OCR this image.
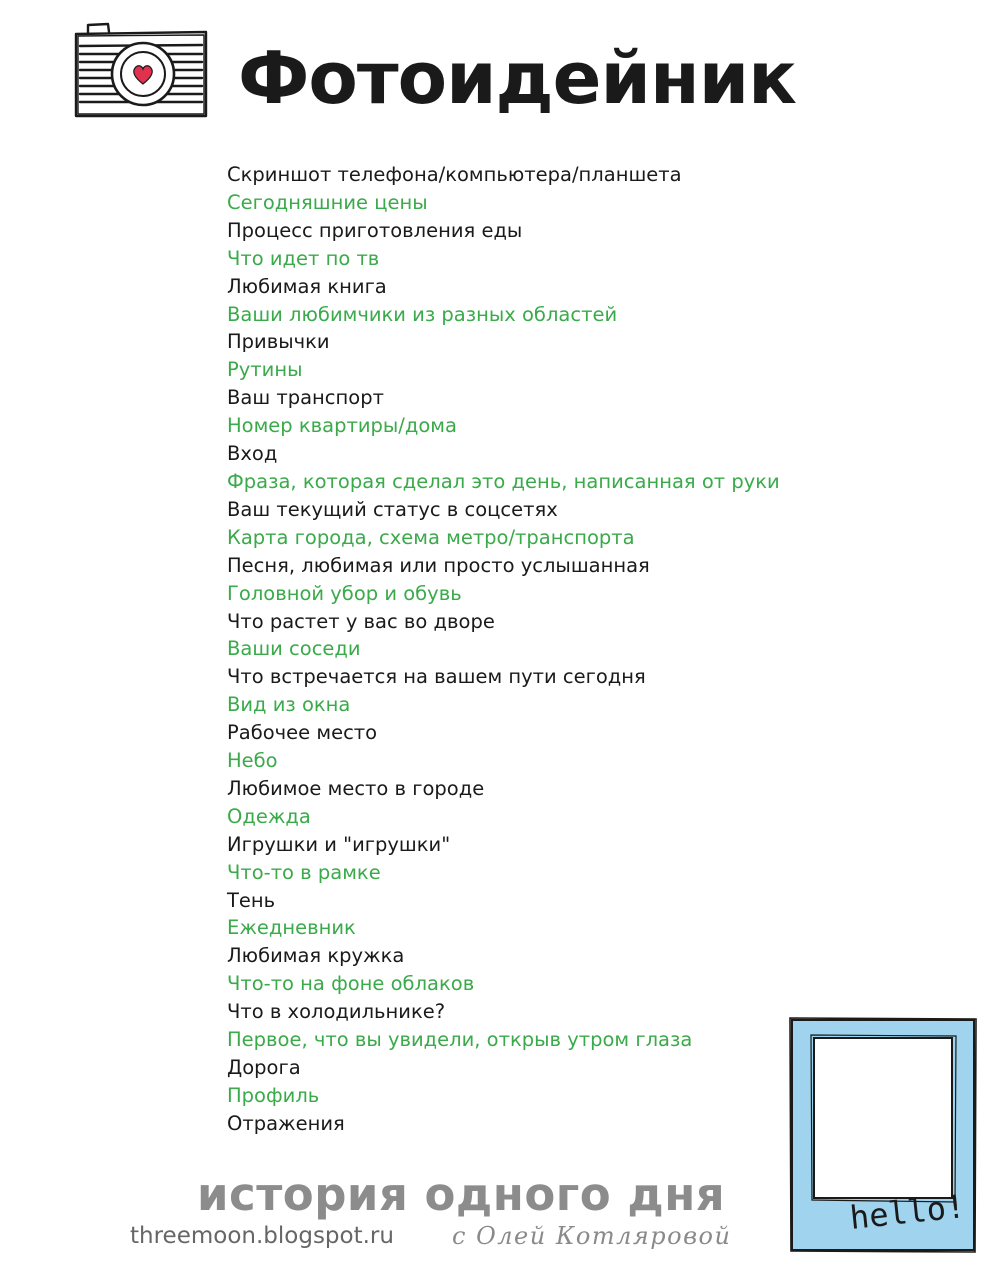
Фотоидейник
Скриншот телефона/компьютера/планшета
Сегодняшние цены
Процесс приготовления еды
Что идет по тв
Любимая книга
Ваши любимчики из разных областей
Привычки
Рутины
Ваш транспорт
Номер квартиры/дома
Вход
Фраза, которая сделал это день, написанная от руки
Ваш текущий статус в соцсетях
Карта города, схема метро/транспорта
Песня, любимая или просто услышанная
Головной убор и обувь
Что растет у вас во дворе
Ваши соседи
Что встречается на вашем пути сегодня
Вид из окна
Рабочее место
Небо
Любимое место в городе
Одежда
Игрушки и "игрушки"
Что-то в рамке
Тень
Ежедневник
Любимая кружка
Что-то на фоне облаков
Что в холодильнике?
Первое, что вы увидели, открыв утром глаза
Дорога
Профиль
Отражения
история одного дня
threemoon.blogspot.ru с Олей Котляровой	hello!
